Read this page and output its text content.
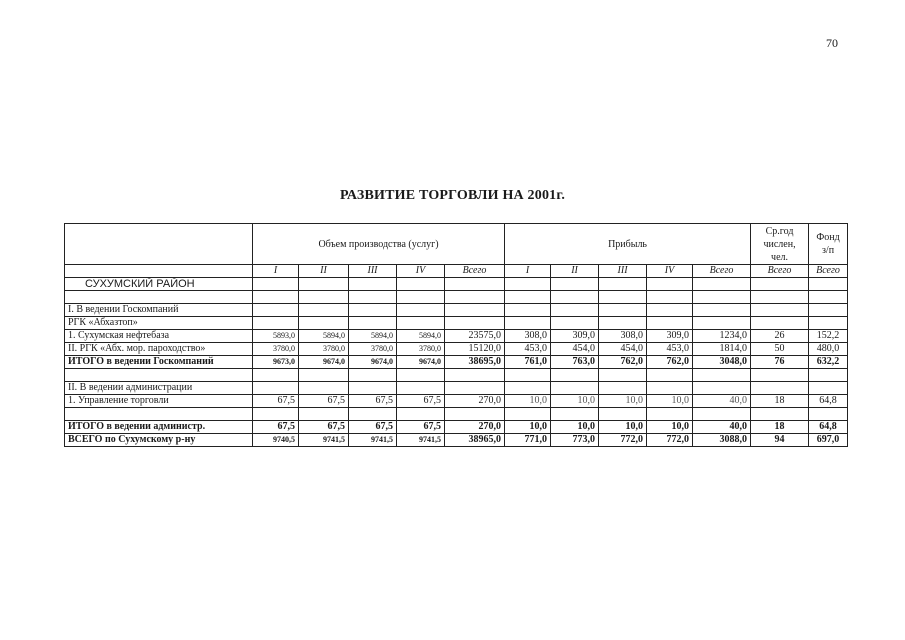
70
РАЗВИТИЕ ТОРГОВЛИ НА 2001г.
	Объем производства (услуг)					Прибыль					Ср.год числен, чел.	Фонд з/п
	I	II	III	IV	Всего	I	II	III	IV	Всего	Всего	Всего
СУХУМСКИЙ РАЙОН												

I. В ведении Госкомпаний												
РГК «Абхазтоп»												
1. Сухумская нефтебаза	5893,0	5894,0	5894,0	5894,0	23575,0	308,0	309,0	308,0	309,0	1234,0	26	152,2
II. РГК «Абх. мор. пароходство»	3780,0	3780,0	3780,0	3780,0	15120,0	453,0	454,0	454,0	453,0	1814,0	50	480,0
ИТОГО в ведении Госкомпаний	9673,0	9674,0	9674,0	9674,0	38695,0	761,0	763,0	762,0	762,0	3048,0	76	632,2

II. В ведении администрации												
1. Управление торговли	67,5	67,5	67,5	67,5	270,0	10,0	10,0	10,0	10,0	40,0	18	64,8

ИТОГО в ведении администр.	67,5	67,5	67,5	67,5	270,0	10,0	10,0	10,0	10,0	40,0	18	64,8
ВСЕГО по Сухумскому р-ну	9740,5	9741,5	9741,5	9741,5	38965,0	771,0	773,0	772,0	772,0	3088,0	94	697,0
